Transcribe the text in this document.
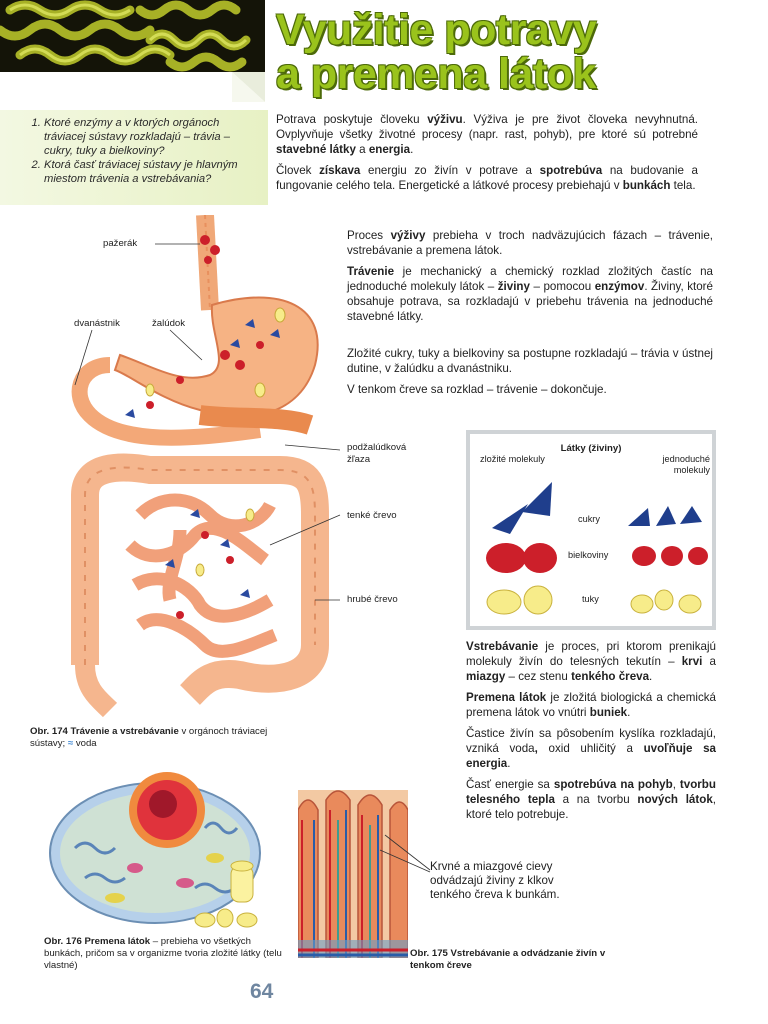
Využitie potravy
a premena látok
1. Ktoré enzýmy a v ktorých orgánoch tráviacej sústavy rozkladajú – trávia – cukry, tuky a bielkoviny?
2. Ktorá časť tráviacej sústavy je hlavným miestom trávenia a vstrebávania?

Potrava poskytuje človeku výživu. Výživa je pre život človeka nevyhnutná. Ovplyvňuje všetky životné procesy (napr. rast, pohyb), pre ktoré sú potrebné stavebné látky a energia.

Človek získava energiu zo živín v potrave a spotrebúva na budovanie a fungovanie celého tela. Energetické a látkové procesy prebiehajú v bunkách tela.

Proces výživy prebieha v troch nadväzujúcich fázach – trávenie, vstrebávanie a premena látok.

Trávenie je mechanický a chemický rozklad zložitých častíc na jednoduché molekuly látok – živiny – pomocou enzýmov. Živiny, ktoré obsahuje potrava, sa rozkladajú v priebehu trávenia na jednoduché stavebné látky.

Zložité cukry, tuky a bielkoviny sa postupne rozkladajú – trávia v ústnej dutine, v žalúdku a dvanástniku.

V tenkom čreve sa rozklad – trávenie – dokončuje.

pažerák
dvanástnik	žalúdok
podžalúdková žľaza
tenké črevo
hrubé črevo
Obr. 174 Trávenie a vstrebávanie v orgánoch tráviacej sústavy; ≈ voda
Látky (živiny)
zložité molekuly	jednoduché molekuly
cukry
bielkoviny
tuky

Vstrebávanie je proces, pri ktorom prenikajú molekuly živín do telesných tekutín – krvi a miazgy – cez stenu tenkého čreva.

Premena látok je zložitá biologická a chemická premena látok vo vnútri buniek.

Častice živín sa pôsobením kyslíka rozkladajú, vzniká voda, oxid uhličitý a uvoľňuje sa energia.

Časť energie sa spotrebúva na pohyb, tvorbu telesného tepla a na tvorbu nových látok, ktoré telo potrebuje.

Obr. 176 Premena látok – prebieha vo všetkých bunkách, pričom sa v organizme tvoria zložité látky (telu vlastné)
Krvné a miazgové cievy odvádzajú živiny z klkov tenkého čreva k bunkám.
Obr. 175 Vstrebávanie a odvádzanie živín v tenkom čreve
64
